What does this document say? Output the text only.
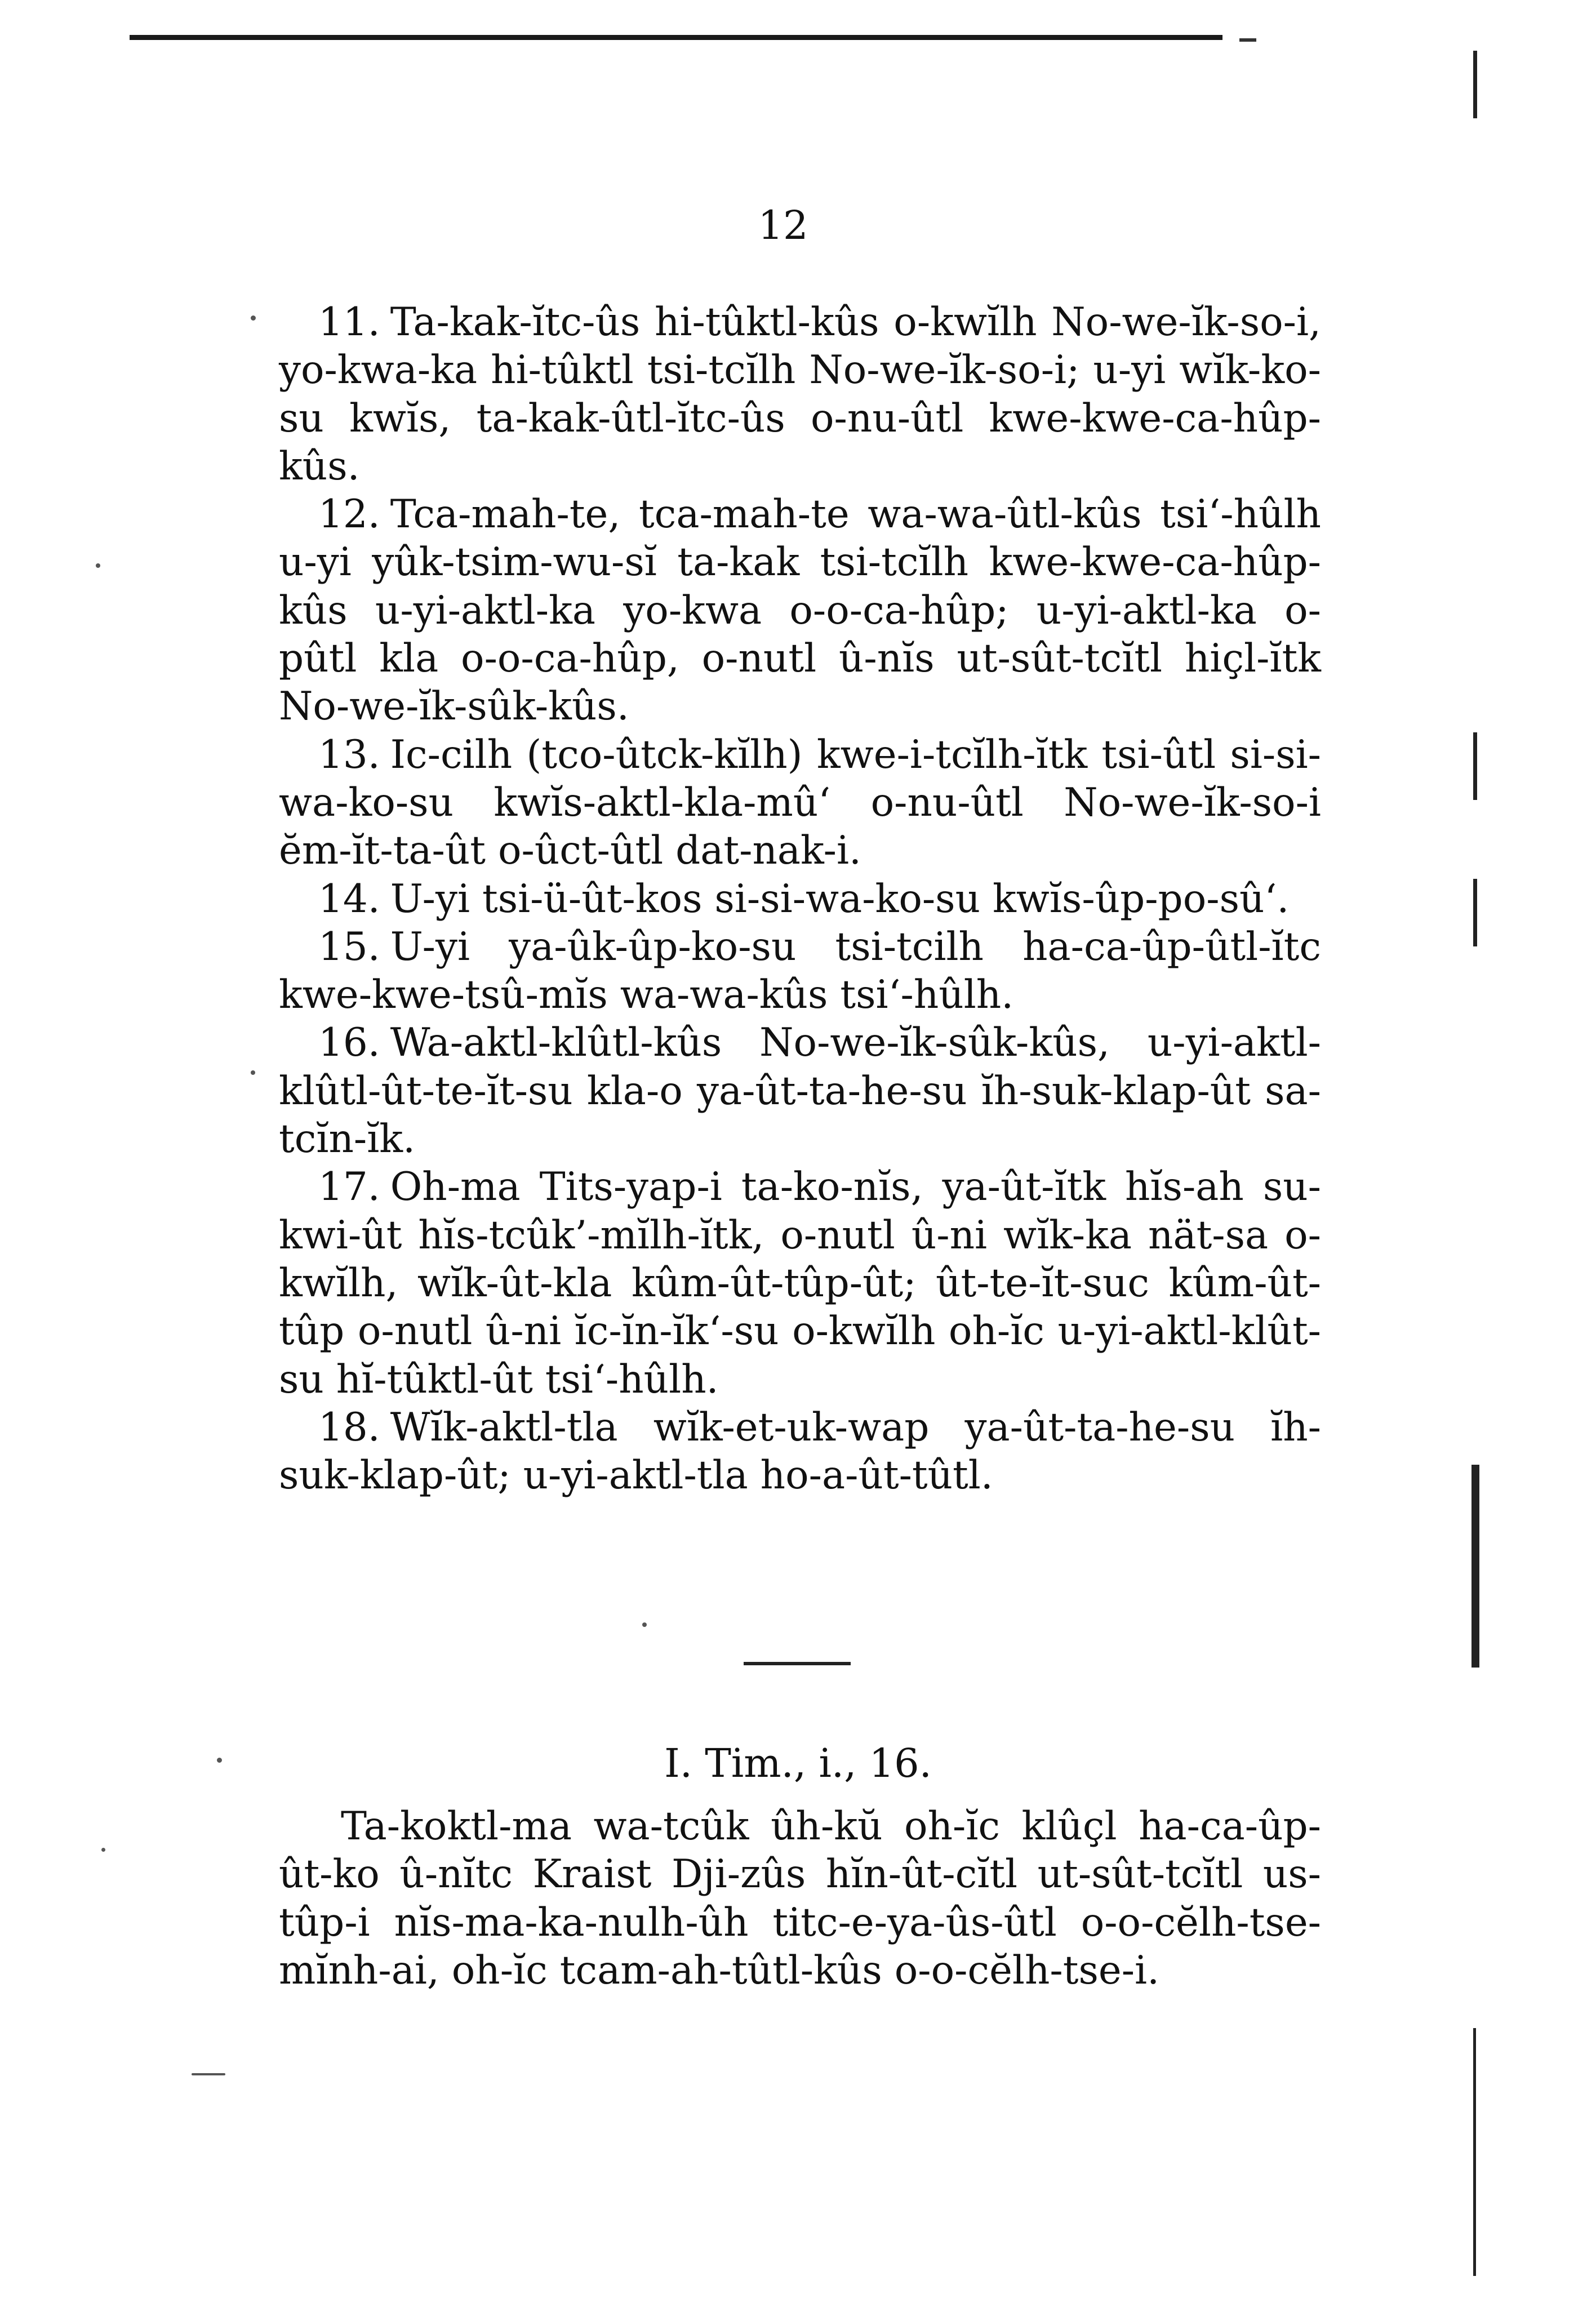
12

11. Ta-kak-ĭtc-ûs hi-tûktl-kûs o-kwĭlh No-we-ĭk-so-i, yo-kwa-ka hi-tûktl tsi-tcĭlh No-we-ĭk-so-i; u-yi wĭk-ko-su kwĭs, ta-kak-ûtl-ĭtc-ûs o-nu-ûtl kwe-kwe-ca-hûp-kûs.

12. Tca-mah-te, tca-mah-te wa-wa-ûtl-kûs tsi‘-hûlh u-yi yûk-tsim-wu-sĭ ta-kak tsi-tcĭlh kwe-kwe-ca-hûp-kûs u-yi-aktl-ka yo-kwa o-o-ca-hûp; u-yi-aktl-ka o-pûtl kla o-o-ca-hûp, o-nutl û-nĭs ut-sût-tcĭtl hiçl-ĭtk No-we-ĭk-sûk-kûs.

13. Ic-cilh (tco-ûtck-kĭlh) kwe-i-tcĭlh-ĭtk tsi-ûtl si-si-wa-ko-su kwĭs-aktl-kla-mû‘ o-nu-ûtl No-we-ĭk-so-i ĕm-ĭt-ta-ût o-ûct-ûtl dat-nak-i.

14. U-yi tsi-ü-ût-kos si-si-wa-ko-su kwĭs-ûp-po-sû‘.

15. U-yi ya-ûk-ûp-ko-su tsi-tcilh ha-ca-ûp-ûtl-ĭtc kwe-kwe-tsû-mĭs wa-wa-kûs tsi‘-hûlh.

16. Wa-aktl-klûtl-kûs No-we-ĭk-sûk-kûs, u-yi-aktl-klûtl-ût-te-ĭt-su kla-o ya-ût-ta-he-su ĭh-suk-klap-ût sa-tcĭn-ĭk.

17. Oh-ma Tits-yap-i ta-ko-nĭs, ya-ût-ĭtk hĭs-ah su-kwi-ût hĭs-tcûk’-mĭlh-ĭtk, o-nutl û-ni wĭk-ka nät-sa o-kwĭlh, wĭk-ût-kla kûm-ût-tûp-ût; ût-te-ĭt-suc kûm-ût-tûp o-nutl û-ni ĭc-ĭn-ĭk‘-su o-kwĭlh oh-ĭc u-yi-aktl-klût-su hĭ-tûktl-ût tsi‘-hûlh.

18. Wĭk-aktl-tla wĭk-et-uk-wap ya-ût-ta-he-su ĭh-suk-klap-ût; u-yi-aktl-tla ho-a-ût-tûtl.

I. Tim., i., 16.

Ta-koktl-ma wa-tcûk ûh-kŭ oh-ĭc klûçl ha-ca-ûp-ût-ko û-nĭtc Kraist Dji-zûs hĭn-ût-cĭtl ut-sût-tcĭtl us-tûp-i nĭs-ma-ka-nulh-ûh titc-e-ya-ûs-ûtl o-o-cĕlh-tse-mĭnh-ai, oh-ĭc tcam-ah-tûtl-kûs o-o-cĕlh-tse-i.
